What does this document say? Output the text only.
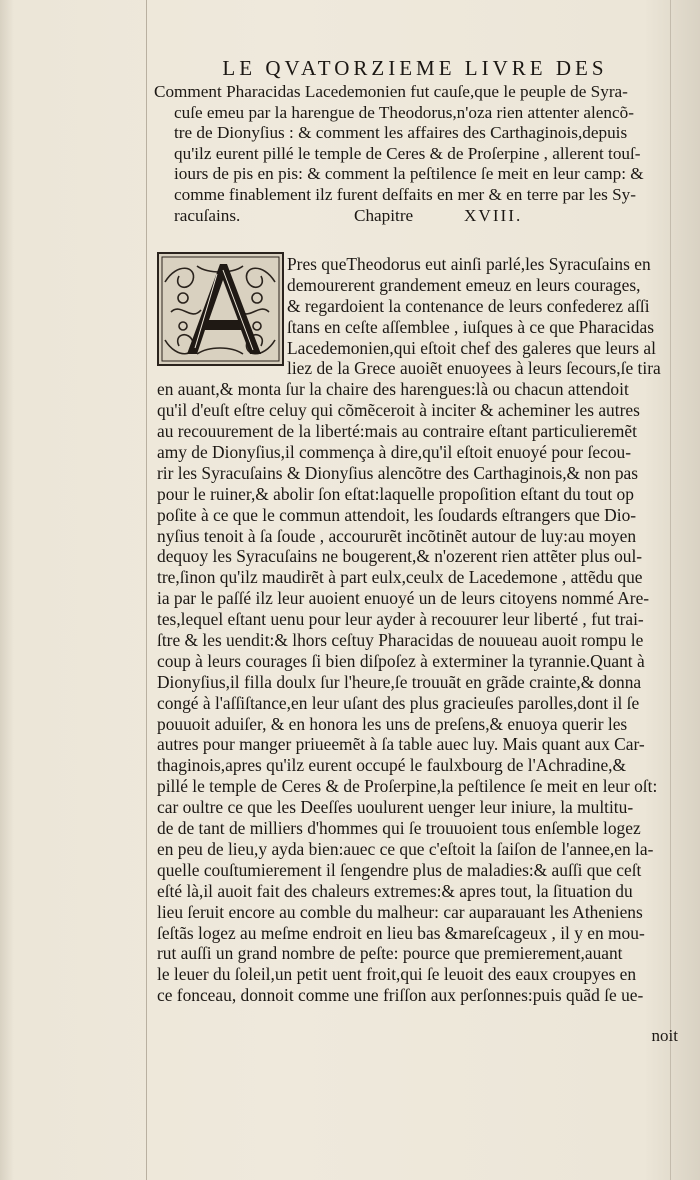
LE QVATORZIEME LIVRE DES
Comment Pharacidas Lacedemonien fut cauſe,que le peuple de Syra-
cuſe emeu par la harengue de Theodorus,n'oza rien attenter alencõ-
tre de Dionyſius : & comment les affaires des Carthaginois,depuis
qu'ilz eurent pillé le temple de Ceres & de Proſerpine , allerent touſ-
iours de pis en pis: & comment la peſtilence ſe meit en leur camp: &
comme finablement ilz furent deſfaits en mer & en terre par les Sy-
racuſains.	Chapitre	XVIII.
Pres queTheodorus eut ainſi parlé,les Syracuſains en
demourerent grandement emeuz en leurs courages,
& regardoient la contenance de leurs confederez aſſi
ſtans en ceſte aſſemblee , iuſques à ce que Pharacidas
Lacedemonien,qui eſtoit chef des galeres que leurs al
liez de la Grece auoiẽt enuoyees à leurs ſecours,ſe tira
en auant,& monta ſur la chaire des harengues:là ou chacun attendoit
qu'il d'euſt eſtre celuy qui cõmẽceroit à inciter & acheminer les autres
au recouurement de la liberté:mais au contraire eſtant particulieremẽt
amy de Dionyſius,il commença à dire,qu'il eſtoit enuoyé pour ſecou-
rir les Syracuſains & Dionyſius alencõtre des Carthaginois,& non pas
pour le ruiner,& abolir ſon eſtat:laquelle propoſition eſtant du tout op
poſite à ce que le commun attendoit, les ſoudards eſtrangers que Dio-
nyſius tenoit à ſa ſoude , accoururẽt incõtinẽt autour de luy:au moyen
dequoy les Syracuſains ne bougerent,& n'ozerent rien attẽter plus oul-
tre,ſinon qu'ilz maudirẽt à part eulx,ceulx de Lacedemone , attẽdu que
ia par le paſſé ilz leur auoient enuoyé un de leurs citoyens nommé Are-
tes,lequel eſtant uenu pour leur ayder à recouurer leur liberté , fut trai-
ſtre & les uendit:& lhors ceſtuy Pharacidas de nouueau auoit rompu le
coup à leurs courages ſi bien diſpoſez à exterminer la tyrannie.Quant à
Dionyſius,il filla doulx ſur l'heure,ſe trouuãt en grãde crainte,& donna
congé à l'aſſiſtance,en leur uſant des plus gracieuſes parolles,dont il ſe
pouuoit aduiſer, & en honora les uns de preſens,& enuoya querir les
autres pour manger priueemẽt à ſa table auec luy. Mais quant aux Car-
thaginois,apres qu'ilz eurent occupé le faulxbourg de l'Achradine,&
pillé le temple de Ceres & de Proſerpine,la peſtilence ſe meit en leur oſt:
car oultre ce que les Deeſſes uoulurent uenger leur iniure, la multitu-
de de tant de milliers d'hommes qui ſe trouuoient tous enſemble logez
en peu de lieu,y ayda bien:auec ce que c'eſtoit la ſaiſon de l'annee,en la-
quelle couſtumierement il ſengendre plus de maladies:& auſſi que ceſt
eſté là,il auoit fait des chaleurs extremes:& apres tout, la ſituation du
lieu ſeruit encore au comble du malheur: car auparauant les Atheniens
ſeſtãs logez au meſme endroit en lieu bas &mareſcageux , il y en mou-
rut auſſi un grand nombre de peſte: pource que premierement,auant
le leuer du ſoleil,un petit uent froit,qui ſe leuoit des eaux croupyes en
ce fonceau, donnoit comme une friſſon aux perſonnes:puis quãd ſe ue-
noit
